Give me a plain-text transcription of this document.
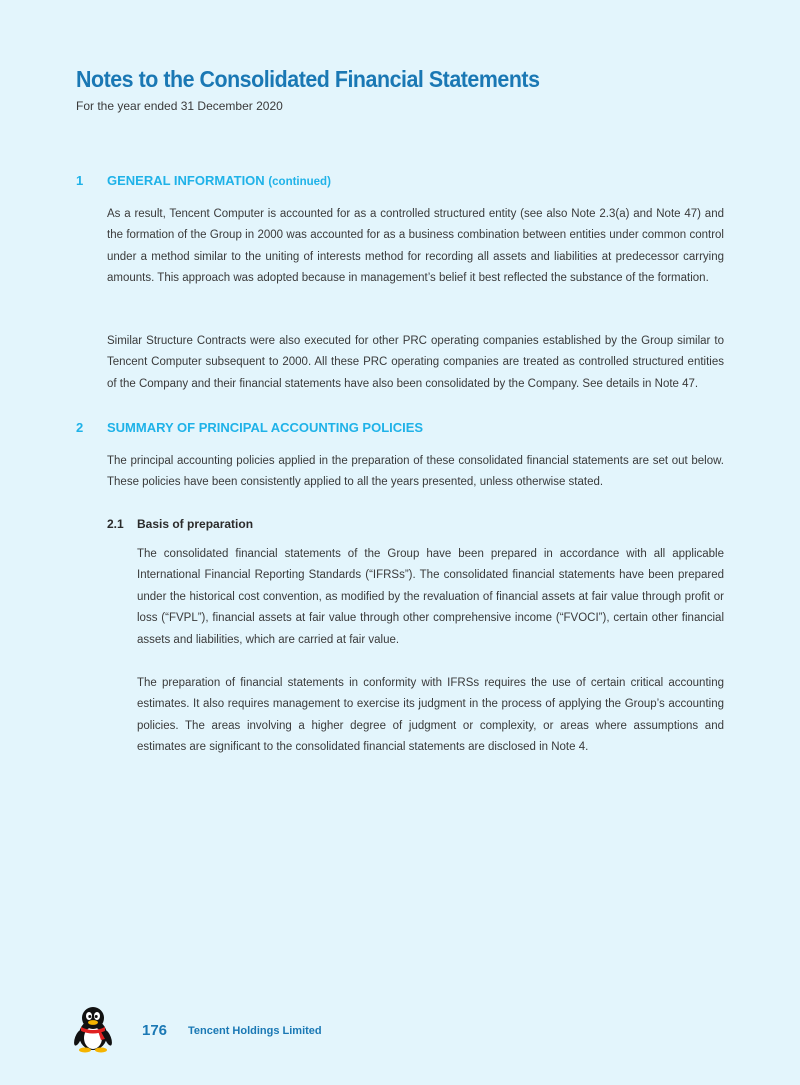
Notes to the Consolidated Financial Statements
For the year ended 31 December 2020
1 GENERAL INFORMATION (continued)

As a result, Tencent Computer is accounted for as a controlled structured entity (see also Note 2.3(a) and Note 47) and the formation of the Group in 2000 was accounted for as a business combination between entities under common control under a method similar to the uniting of interests method for recording all assets and liabilities at predecessor carrying amounts. This approach was adopted because in management’s belief it best reflected the substance of the formation.

Similar Structure Contracts were also executed for other PRC operating companies established by the Group similar to Tencent Computer subsequent to 2000. All these PRC operating companies are treated as controlled structured entities of the Company and their financial statements have also been consolidated by the Company. See details in Note 47.

2 SUMMARY OF PRINCIPAL ACCOUNTING POLICIES

The principal accounting policies applied in the preparation of these consolidated financial statements are set out below. These policies have been consistently applied to all the years presented, unless otherwise stated.

2.1 Basis of preparation

The consolidated financial statements of the Group have been prepared in accordance with all applicable International Financial Reporting Standards (“IFRSs”). The consolidated financial statements have been prepared under the historical cost convention, as modified by the revaluation of financial assets at fair value through profit or loss (“FVPL”), financial assets at fair value through other comprehensive income (“FVOCI”), certain other financial assets and liabilities, which are carried at fair value.

The preparation of financial statements in conformity with IFRSs requires the use of certain critical accounting estimates. It also requires management to exercise its judgment in the process of applying the Group’s accounting policies. The areas involving a higher degree of judgment or complexity, or areas where assumptions and estimates are significant to the consolidated financial statements are disclosed in Note 4.

176 Tencent Holdings Limited
